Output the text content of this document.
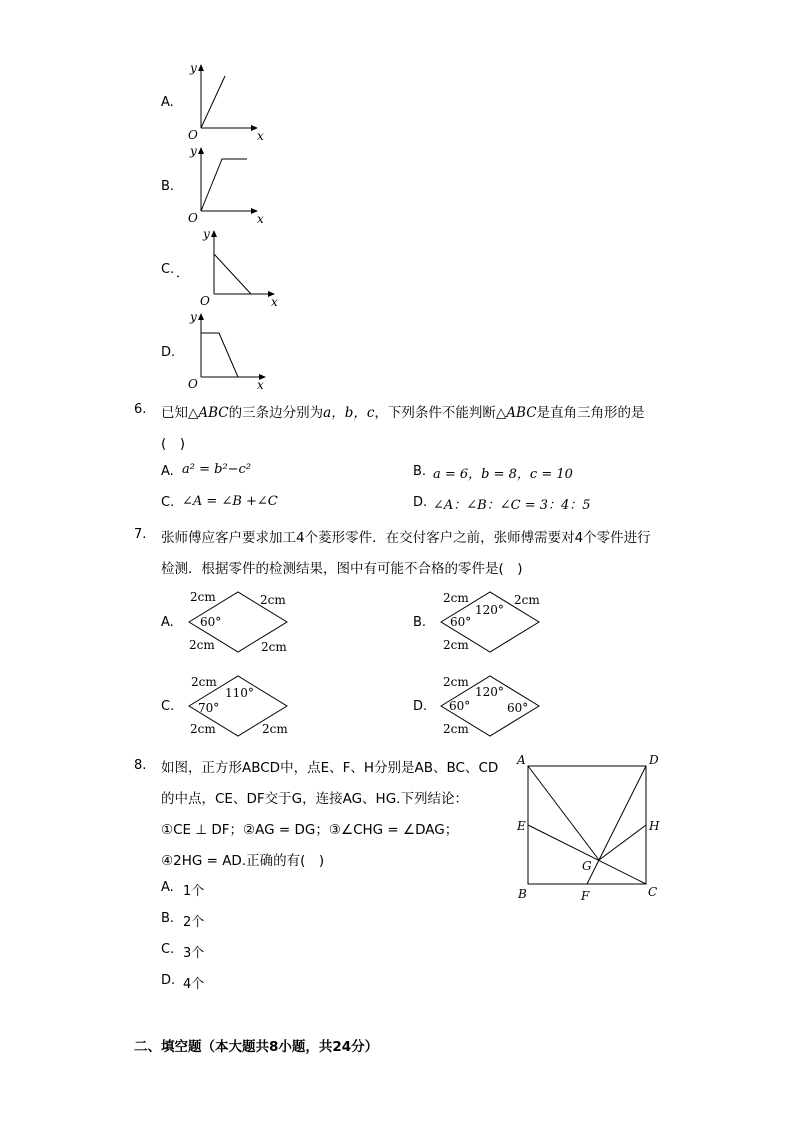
A.
y
x
O
B.
y
x
O
C. ．
y
x
O
D.
y
x
O
6. 已知△ABC的三条边分别为a，b，c，下列条件不能判断△ABC是直角三角形的是
(　)
A. a² = b²−c²	B. a = 6，b = 8，c = 10
C. ∠A = ∠B +∠C	D. ∠A：∠B：∠C = 3：4：5
7. 张师傅应客户要求加工4个菱形零件．在交付客户之前，张师傅需要对4个零件进行
检测．根据零件的检测结果，图中有可能不合格的零件是(　)
A.
2cm	2cm
2cm	2cm
60°	B.
2cm	2cm
2cm
120°
60°
C.
2cm
2cm	2cm
110°
70°	D.
2cm
2cm
120°
60°	60°
8. 如图，正方形ABCD中，点E、F、H分别是AB、BC、CD
的中点，CE、DF交于G，连接AG、HG.下列结论：
①CE ⊥ DF；②AG = DG；③∠CHG = ∠DAG；
④2HG = AD.正确的有(　)
A. 1个
B. 2个
C. 3个
D. 4个
A	D
E	H
G
B	F	C
二、填空题（本大题共8小题，共24分）
